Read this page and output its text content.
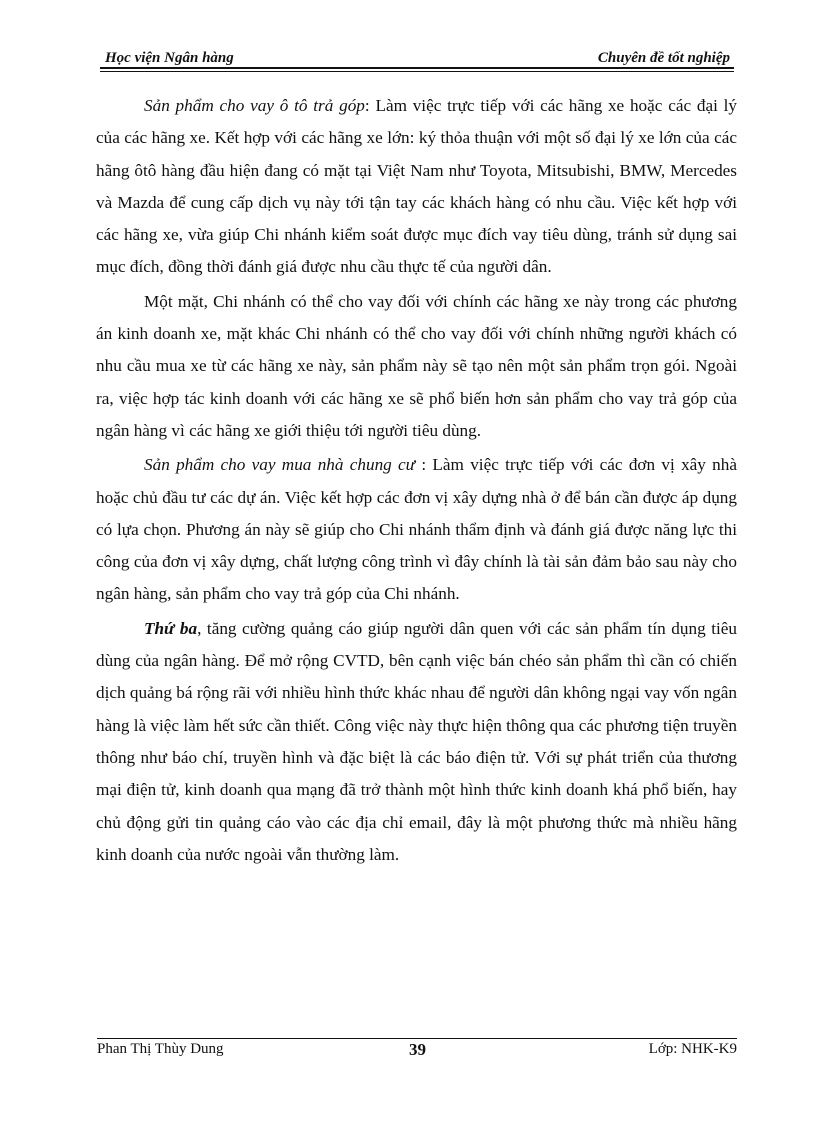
Học viện Ngân hàng	Chuyên đề tốt nghiệp

Sản phẩm cho vay ô tô trả góp: Làm việc trực tiếp với các hãng xe hoặc các đại lý của các hãng xe. Kết hợp với các hãng xe lớn: ký thỏa thuận với một số đại lý xe lớn của các hãng ôtô hàng đầu hiện đang có mặt tại Việt Nam như Toyota, Mitsubishi, BMW, Mercedes và Mazda để cung cấp dịch vụ này tới tận tay các khách hàng có nhu cầu. Việc kết hợp với các hãng xe, vừa giúp Chi nhánh kiểm soát được mục đích vay tiêu dùng, tránh sử dụng sai mục đích, đồng thời đánh giá được nhu cầu thực tế của người dân.

Một mặt, Chi nhánh có thể cho vay đối với chính các hãng xe này trong các phương án kinh doanh xe, mặt khác Chi nhánh có thể cho vay đối với chính những người khách có nhu cầu mua xe từ các hãng xe này, sản phẩm này sẽ tạo nên một sản phẩm trọn gói. Ngoài ra, việc hợp tác kinh doanh với các hãng xe sẽ phổ biến hơn sản phẩm cho vay trả góp của ngân hàng vì các hãng xe giới thiệu tới người tiêu dùng.

Sản phẩm cho vay mua nhà chung cư : Làm việc trực tiếp với các đơn vị xây nhà hoặc chủ đầu tư các dự án. Việc kết hợp các đơn vị xây dựng nhà ở để bán cần được áp dụng có lựa chọn. Phương án này sẽ giúp cho Chi nhánh thẩm định và đánh giá được năng lực thi công của đơn vị xây dựng, chất lượng công trình vì đây chính là tài sản đảm bảo sau này cho ngân hàng, sản phẩm cho vay trả góp của Chi nhánh.

Thứ ba, tăng cường quảng cáo giúp người dân quen với các sản phẩm tín dụng tiêu dùng của ngân hàng. Để mở rộng CVTD, bên cạnh việc bán chéo sản phẩm thì cần có chiến dịch quảng bá rộng rãi với nhiều hình thức khác nhau để người dân không ngại vay vốn ngân hàng là việc làm hết sức cần thiết. Công việc này thực hiện thông qua các phương tiện truyền thông như báo chí, truyền hình và đặc biệt là các báo điện tử. Với sự phát triển của thương mại điện tử, kinh doanh qua mạng đã trở thành một hình thức kinh doanh khá phổ biến, hay chủ động gửi tin quảng cáo vào các địa chỉ email, đây là một phương thức mà nhiều hãng kinh doanh của nước ngoài vẫn thường làm.

Phan Thị Thùy Dung	39	Lớp: NHK-K9
